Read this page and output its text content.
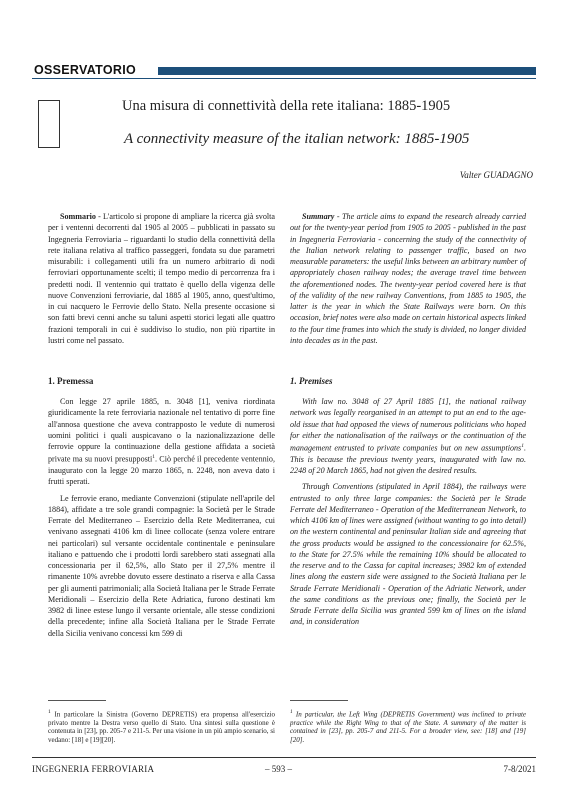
OSSERVATORIO
Una misura di connettività della rete italiana: 1885-1905
A connectivity measure of the italian network: 1885-1905
Valter GUADAGNO

Sommario - L'articolo si propone di ampliare la ricerca già svolta per i ventenni decorrenti dal 1905 al 2005 – pubblicati in passato su Ingegneria Ferroviaria – riguardanti lo studio della connettività della rete italiana relativa al traffico passeggeri, fondata su due parametri misurabili: i collegamenti utili fra un numero arbitrario di nodi ferroviari opportunamente scelti; il tempo medio di percorrenza fra i predetti nodi. Il ventennio qui trattato è quello della vigenza delle nuove Convenzioni ferroviarie, dal 1885 al 1905, anno, quest'ultimo, in cui nacquero le Ferrovie dello Stato. Nella presente occasione si son fatti brevi cenni anche su taluni aspetti storici legati alle quattro frazioni temporali in cui è suddiviso lo studio, non più ripartite in lustri come nel passato.

Summary - The article aims to expand the research already carried out for the twenty-year period from 1905 to 2005 - published in the past in Ingegneria Ferroviaria - concerning the study of the connectivity of the Italian network relating to passenger traffic, based on two measurable parameters: the useful links between an arbitrary number of appropriately chosen railway nodes; the average travel time between the aforementioned nodes. The twenty-year period covered here is that of the validity of the new railway Conventions, from 1885 to 1905, the latter is the year in which the State Railways were born. On this occasion, brief notes were also made on certain historical aspects linked to the four time frames into which the study is divided, no longer divided into decades as in the past.

1. Premessa	1. Premises

Con legge 27 aprile 1885, n. 3048 [1], veniva riordinata giuridicamente la rete ferroviaria nazionale nel tentativo di porre fine all'annosa questione che aveva contrapposto le vedute di numerosi uomini politici i quali auspicavano o la nazionalizzazione delle ferrovie oppure la continuazione della gestione affidata a società private ma su nuovi presupposti$^1$. Ciò perché il precedente ventennio, inaugurato con la legge 20 marzo 1865, n. 2248, non aveva dato i frutti sperati.

Le ferrovie erano, mediante Convenzioni (stipulate nell'aprile del 1884), affidate a tre sole grandi compagnie: la Società per le Strade Ferrate del Mediterraneo – Esercizio della Rete Mediterranea, cui venivano assegnati 4106 km di linee collocate (senza volere entrare nei particolari) sul versante occidentale continentale e peninsulare italiano e pattuendo che i prodotti lordi sarebbero stati assegnati alla concessionaria per il 62,5%, allo Stato per il 27,5% mentre il rimanente 10% avrebbe dovuto essere destinato a riserva e alla Cassa per gli aumenti patrimoniali; alla Società Italiana per le Strade Ferrate Meridionali – Esercizio della Rete Adriatica, furono destinati km 3982 di linee estese lungo il versante orientale, alle stesse condizioni della precedente; infine alla Società Italiana per le Strade Ferrate della Sicilia venivano concessi km 599 di

With law no. 3048 of 27 April 1885 [1], the national railway network was legally reorganised in an attempt to put an end to the age-old issue that had opposed the views of numerous politicians who hoped for either the nationalisation of the railways or the continuation of the management entrusted to private companies but on new assumptions$^1$. This is because the previous twenty years, inaugurated with law no. 2248 of 20 March 1865, had not given the desired results.

Through Conventions (stipulated in April 1884), the railways were entrusted to only three large companies: the Società per le Strade Ferrate del Mediterraneo - Operation of the Mediterranean Network, to which 4106 km of lines were assigned (without wanting to go into detail) on the western continental and peninsular Italian side and agreeing that the gross products would be assigned to the concessionaire for 62.5%, to the State for 27.5% while the remaining 10% should be allocated to the reserve and to the Cassa for capital increases; 3982 km of extended lines along the eastern side were assigned to the Società Italiana per le Strade Ferrate Meridionali - Operation of the Adriatic Network, under the same conditions as the previous one; finally, the Società per le Strade Ferrate della Sicilia was granted 599 km of lines on the island and, in consideration

$^1$ In particolare la Sinistra (Governo DEPRETIS) era propensa all'esercizio privato mentre la Destra verso quello di Stato. Una sintesi sulla questione è contenuta in [23], pp. 205-7 e 211-5. Per una visione in un più ampio scenario, si vedano: [18] e [19][20].
$^1$ In particular, the Left Wing (DEPRETIS Government) was inclined to private practice while the Right Wing to that of the State. A summary of the matter is contained in [23], pp. 205-7 and 211-5. For a broader view, see: [18] and [19][20].
INGEGNERIA FERROVIARIA	– 593 –	7-8/2021
